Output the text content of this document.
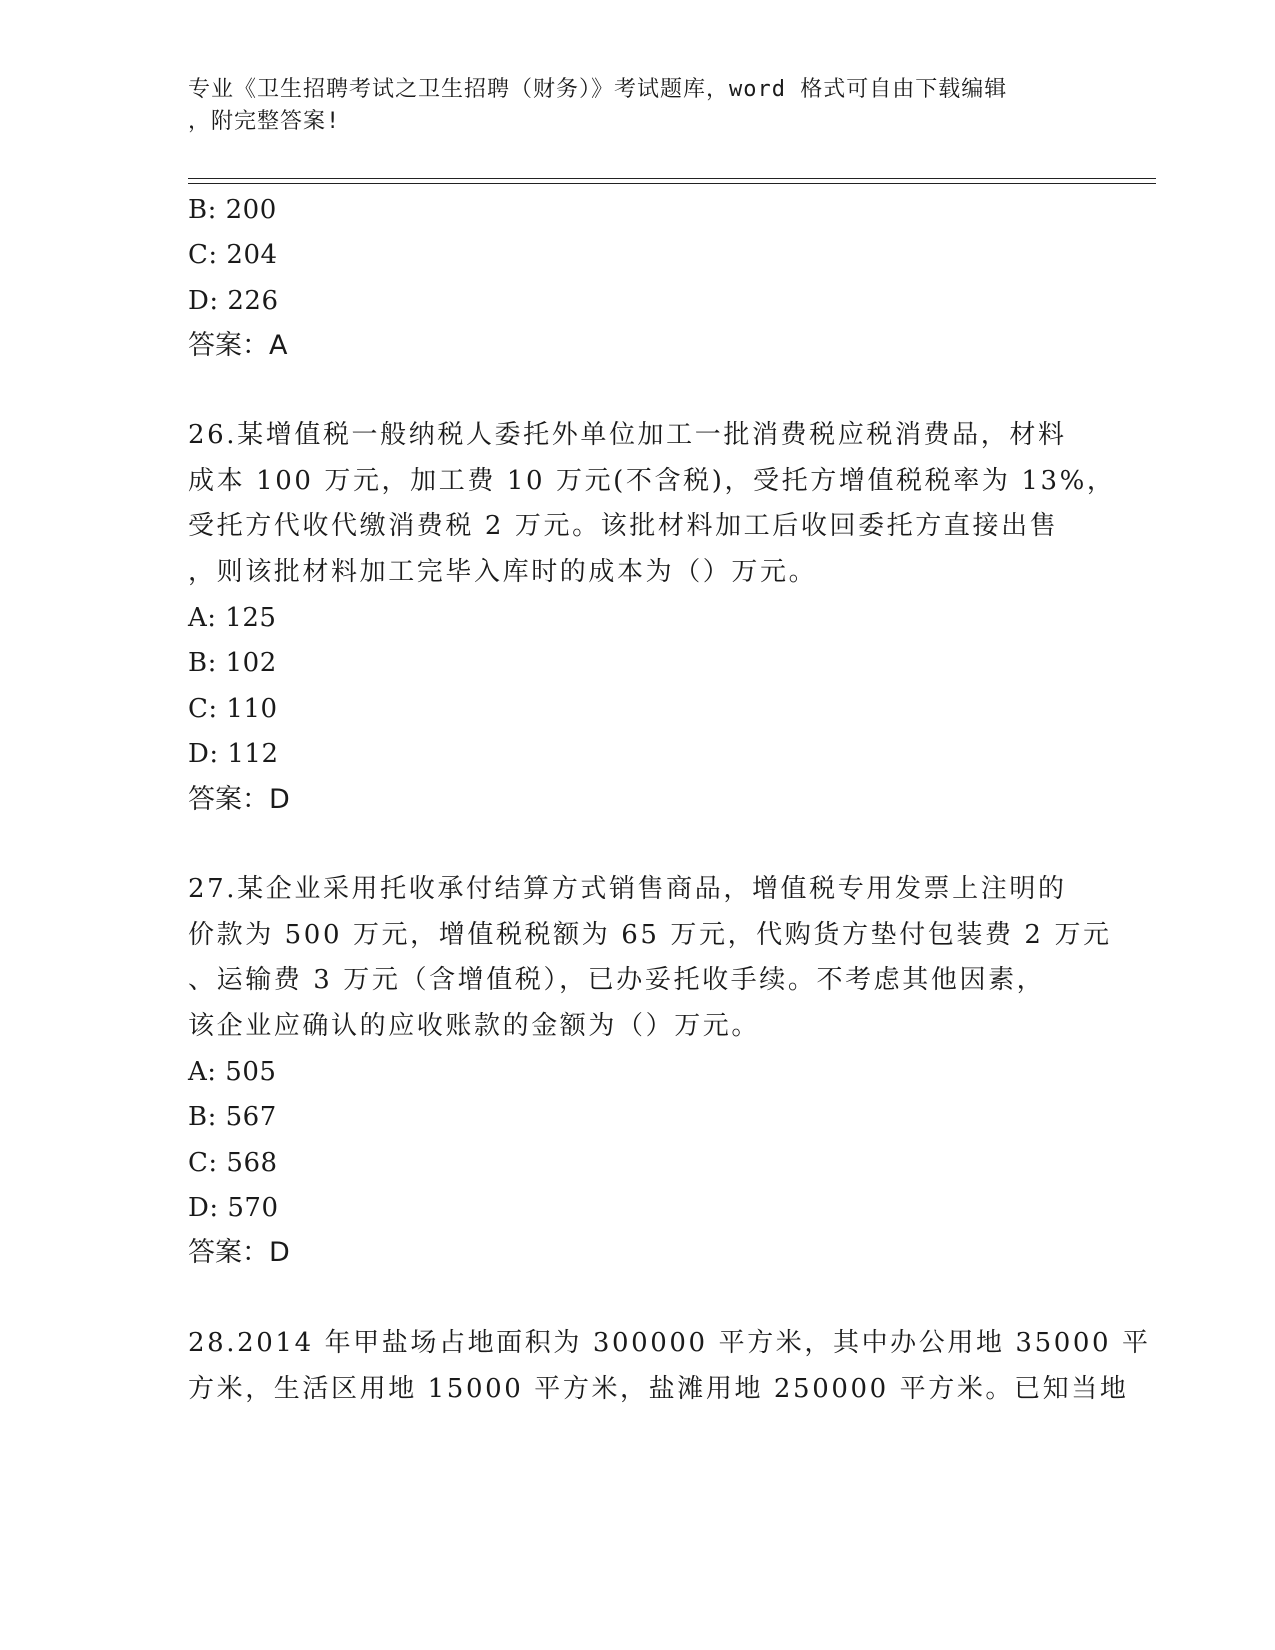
专业《卫生招聘考试之卫生招聘（财务）》考试题库，word 格式可自由下载编辑
，附完整答案!
B: 200
C: 204
D: 226
答案：A
26.某增值税一般纳税人委托外单位加工一批消费税应税消费品，材料
成本 100 万元，加工费 10 万元(不含税)，受托方增值税税率为 13%，
受托方代收代缴消费税 2 万元。该批材料加工后收回委托方直接出售
，则该批材料加工完毕入库时的成本为（）万元。
A: 125
B: 102
C: 110
D: 112
答案：D
27.某企业采用托收承付结算方式销售商品，增值税专用发票上注明的
价款为 500 万元，增值税税额为 65 万元，代购货方垫付包装费 2 万元
、运输费 3 万元（含增值税），已办妥托收手续。不考虑其他因素，
该企业应确认的应收账款的金额为（）万元。
A: 505
B: 567
C: 568
D: 570
答案：D
28.2014 年甲盐场占地面积为 300000 平方米，其中办公用地 35000 平
方米，生活区用地 15000 平方米，盐滩用地 250000 平方米。已知当地
